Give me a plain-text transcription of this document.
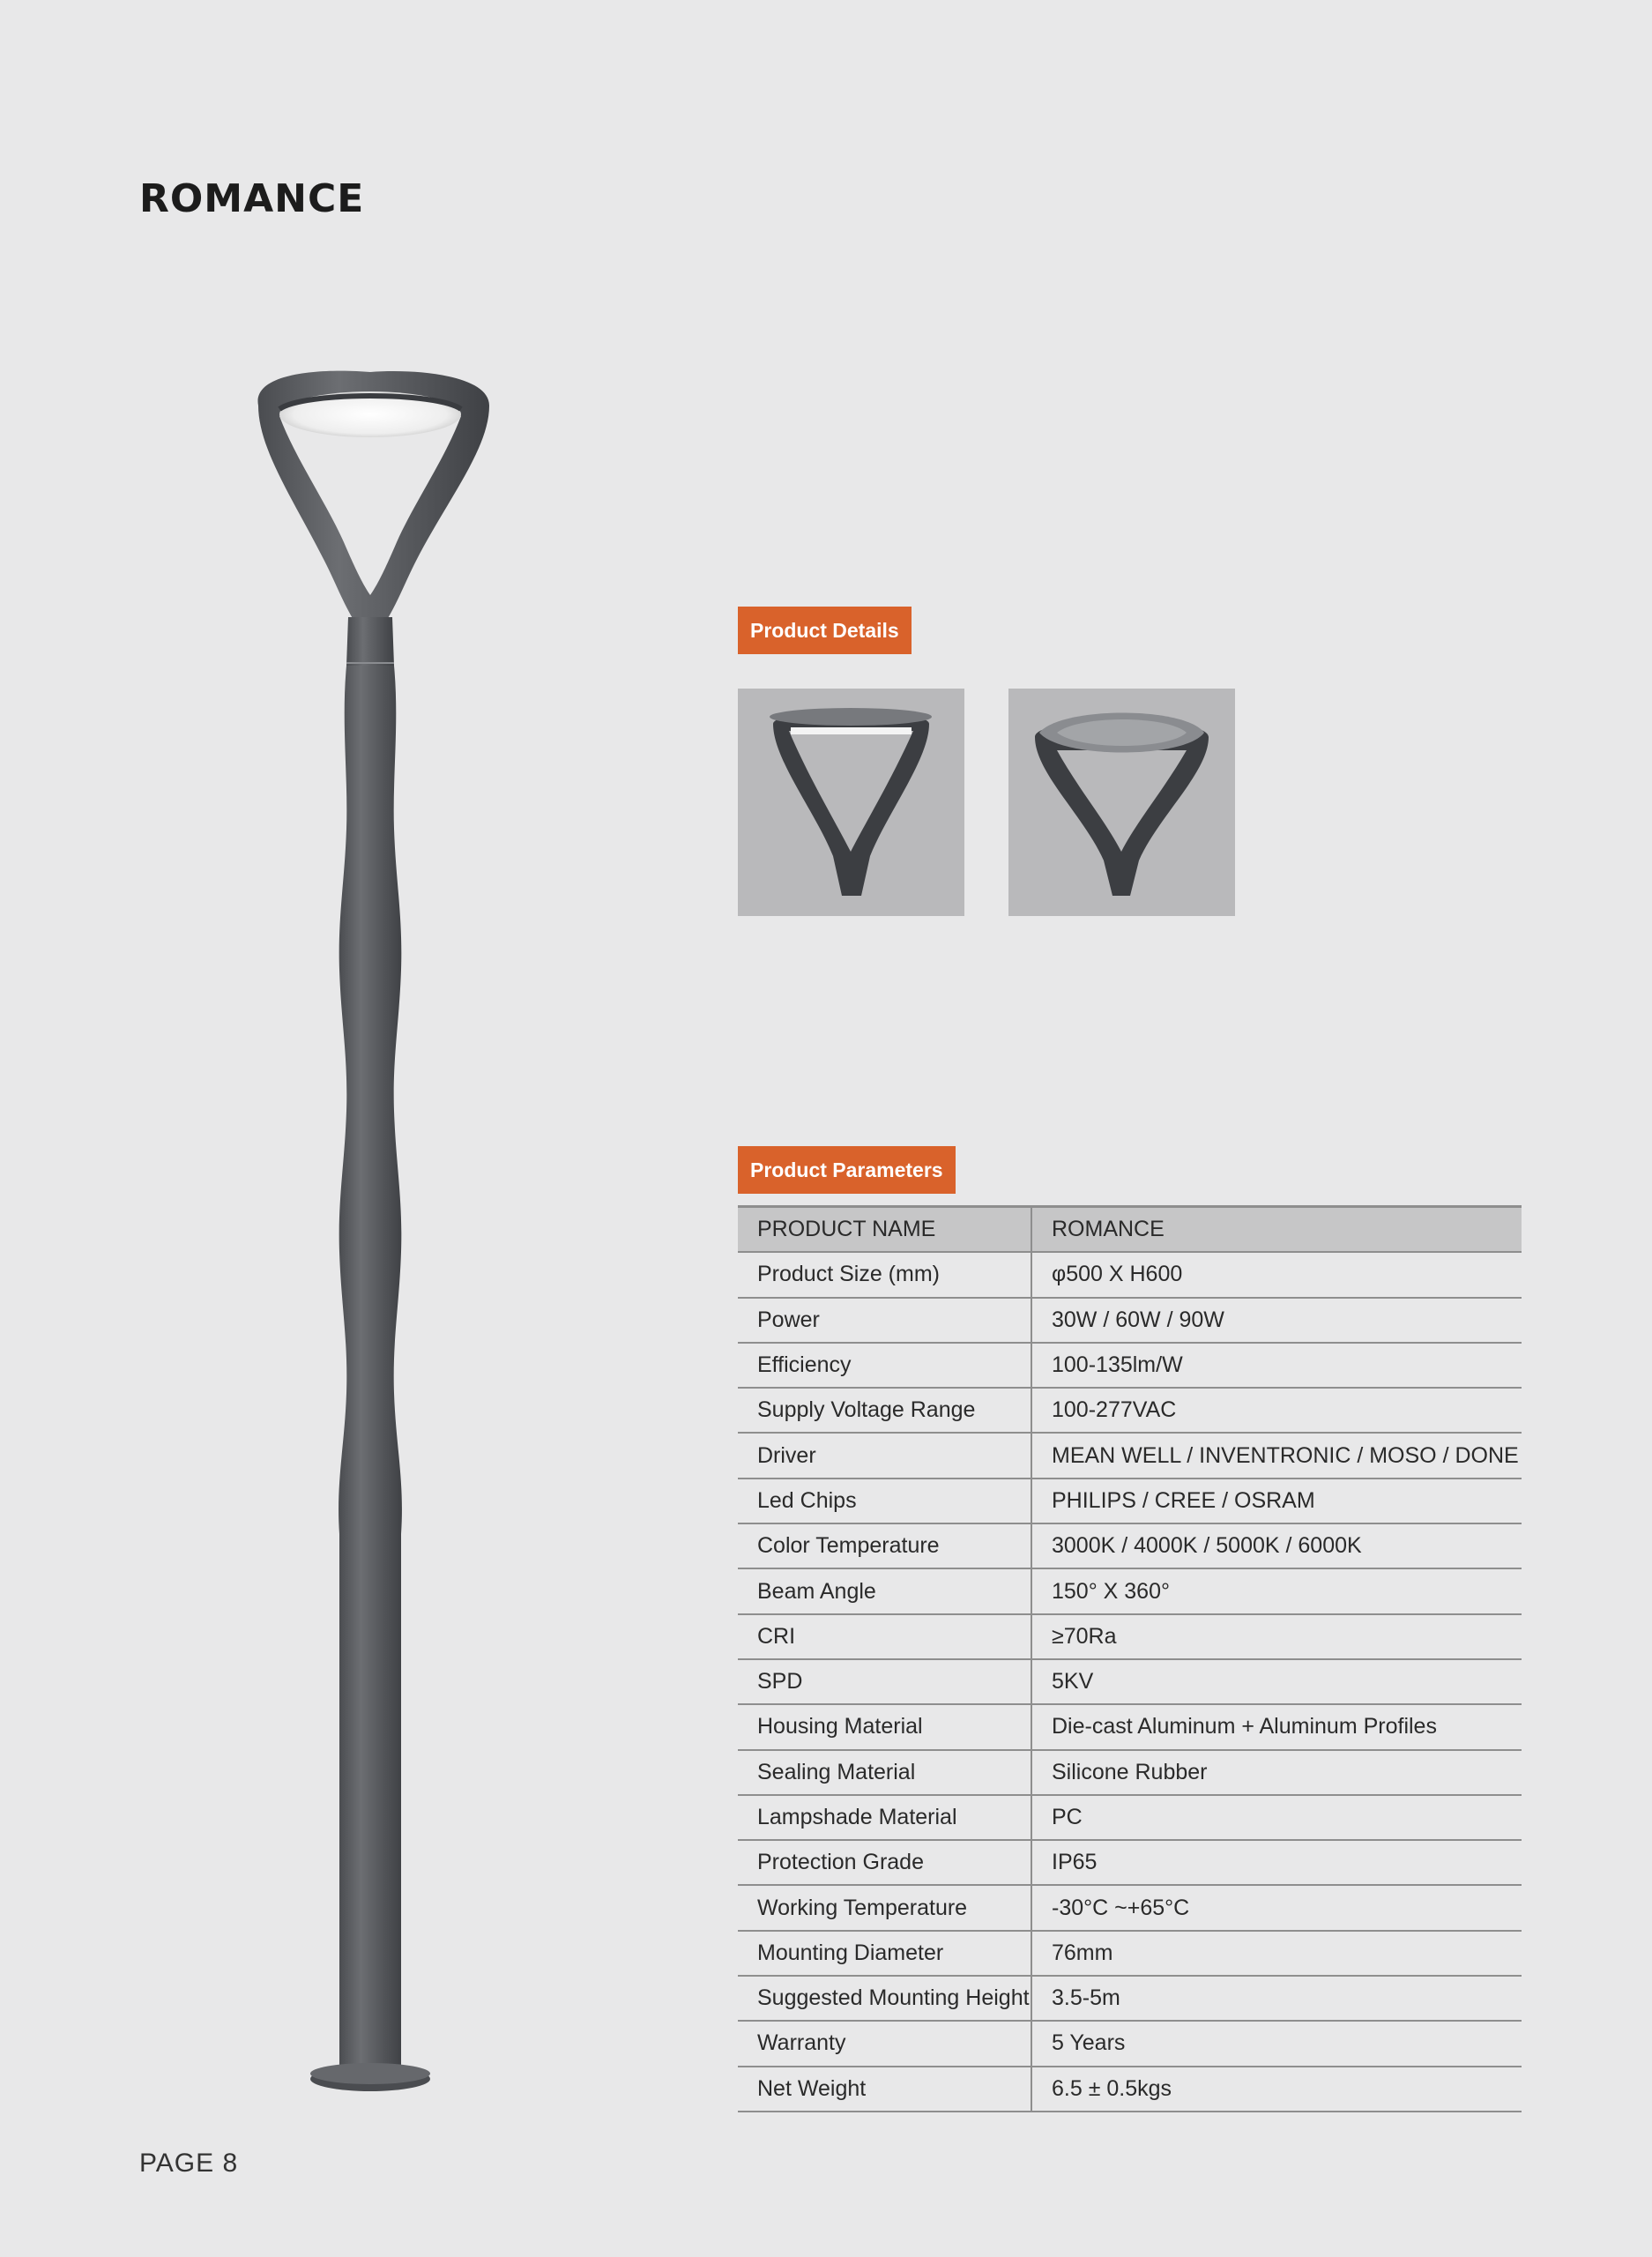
ROMANCE
Product Details
Product Parameters
PRODUCT NAME	ROMANCE
Product Size (mm)	φ500 X H600
Power	30W / 60W / 90W
Efficiency	100-135lm/W
Supply Voltage Range	100-277VAC
Driver	MEAN WELL / INVENTRONIC / MOSO / DONE
Led Chips	PHILIPS / CREE / OSRAM
Color Temperature	3000K / 4000K / 5000K / 6000K
Beam Angle	150° X 360°
CRI	≥70Ra
SPD	5KV
Housing Material	Die-cast Aluminum + Aluminum Profiles
Sealing Material	Silicone Rubber
Lampshade Material	PC
Protection Grade	IP65
Working Temperature	-30°C ~+65°C
Mounting Diameter	76mm
Suggested Mounting Height	3.5-5m
Warranty	5 Years
Net Weight	6.5 ± 0.5kgs
PAGE 8
